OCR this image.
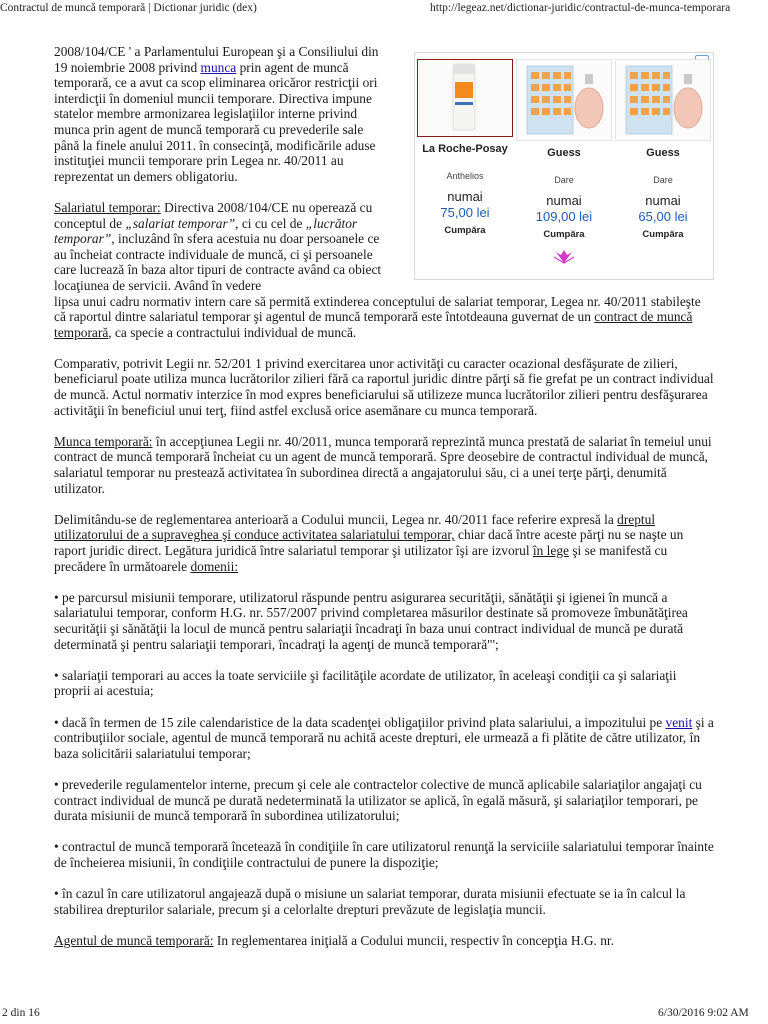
Contractul de muncă temporară | Dictionar juridic (dex)	http://legeaz.net/dictionar-juridic/contractul-de-munca-temporara
La Roche-Posay
Anthelios
numai
75,00 lei
Cumpăra
Guess
Dare
numai
109,00 lei
Cumpăra
Guess
Dare
numai
65,00 lei
Cumpăra

2008/104/CE ' a Parlamentului European şi a Consiliului din 19 noiembrie 2008 privind munca prin agent de muncă temporară, ce a avut ca scop eliminarea oricăror restricţii ori interdicţii în domeniul muncii temporare. Directiva impune statelor membre armonizarea legislaţiilor interne privind munca prin agent de muncă temporară cu prevederile sale până la finele anului 2011. în consecinţă, modificările aduse instituţiei muncii temporare prin Legea nr. 40/2011 au reprezentat un demers obligatoriu.

Salariatul temporar: Directiva 2008/104/CE nu operează cu conceptul de „salariat temporar”, ci cu cel de „lucrător temporar”, incluzând în sfera acestuia nu doar persoanele ce au încheiat contracte individuale de muncă, ci şi persoanele care lucrează în baza altor tipuri de contracte având ca obiect locaţiunea de servicii. Având în vedere
lipsa unui cadru normativ intern care să permită extinderea conceptului de salariat temporar, Legea nr. 40/2011 stabileşte că raportul dintre salariatul temporar şi agentul de muncă temporară este întotdeauna guvernat de un contract de muncă temporară, ca specie a contractului individual de muncă.

Comparativ, potrivit Legii nr. 52/201 1 privind exercitarea unor activităţi cu caracter ocazional desfăşurate de zilieri, beneficiarul poate utiliza munca lucrătorilor zilieri fără ca raportul juridic dintre părţi să fie grefat pe un contract individual de muncă. Actul normativ interzice în mod expres beneficiarului să utilizeze munca lucrătorilor zilieri pentru desfăşurarea activităţii în beneficiul unui terţ, fiind astfel exclusă orice asemănare cu munca temporară.

Munca temporară: în accepţiunea Legii nr. 40/2011, munca temporară reprezintă munca prestată de salariat în temeiul unui contract de muncă temporară încheiat cu un agent de muncă temporară. Spre deosebire de contractul individual de muncă, salariatul temporar nu prestează activitatea în subordinea directă a angajatorului său, ci a unei terţe părţi, denumită utilizator.

Delimitându-se de reglementarea anterioară a Codului muncii, Legea nr. 40/2011 face referire expresă la dreptul utilizatorului de a supraveghea şi conduce activitatea salariatului temporar, chiar dacă între aceste părţi nu se naşte un raport juridic direct. Legătura juridică între salariatul temporar şi utilizator îşi are izvorul în lege şi se manifestă cu precădere în următoarele domenii:

• pe parcursul misiunii temporare, utilizatorul răspunde pentru asigurarea securităţii, sănătăţii şi igienei în muncă a salariatului temporar, conform H.G. nr. 557/2007 privind completarea măsurilor destinate să promoveze îmbunătăţirea securităţii şi sănătăţii la locul de muncă pentru salariaţii încadraţi în baza unui contract individual de muncă pe durată determinată şi pentru salariaţii temporari, încadraţi la agenţi de muncă temporară"';

• salariaţii temporari au acces la toate serviciile şi facilităţile acordate de utilizator, în aceleaşi condiţii ca şi salariaţii proprii ai acestuia;

• dacă în termen de 15 zile calendaristice de la data scadenţei obligaţiilor privind plata salariului, a impozitului pe venit şi a contribuţiilor sociale, agentul de muncă temporară nu achită aceste drepturi, ele urmează a fi plătite de către utilizator, în baza solicitării salariatului temporar;

• prevederile regulamentelor interne, precum şi cele ale contractelor colective de muncă aplicabile salariaţilor angajaţi cu contract individual de muncă pe durată nedeterminată la utilizator se aplică, în egală măsură, şi salariaţilor temporari, pe durata misiunii de muncă temporară în subordinea utilizatorului;

• contractul de muncă temporară încetează în condiţiile în care utilizatorul renunţă la serviciile salariatului temporar înainte de încheierea misiunii, în condiţiile contractului de punere la dispoziţie;

• în cazul în care utilizatorul angajează după o misiune un salariat temporar, durata misiunii efectuate se ia în calcul la stabilirea drepturilor salariale, precum şi a celorlalte drepturi prevăzute de legislaţia muncii.

Agentul de muncă temporară: In reglementarea iniţială a Codului muncii, respectiv în concepţia H.G. nr.

2 din 16	6/30/2016 9:02 AM
